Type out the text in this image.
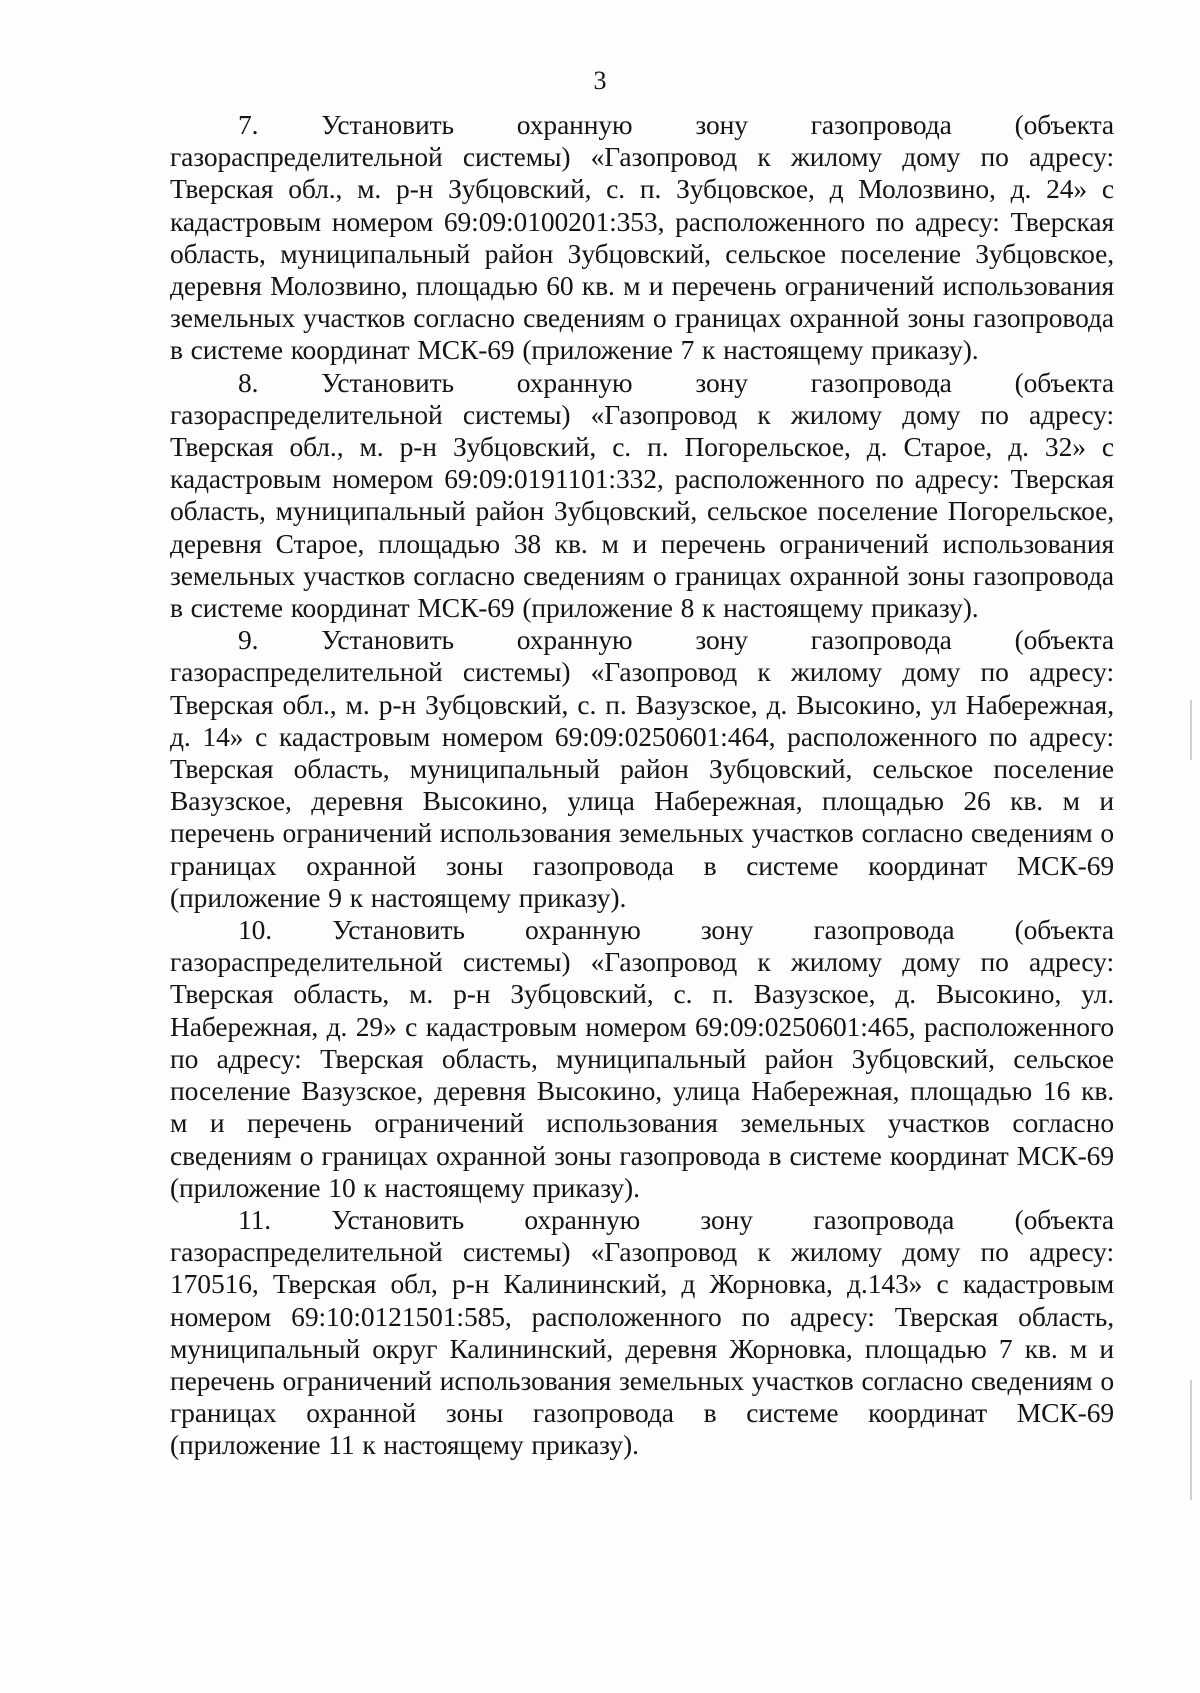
3

7. Установить охранную зону газопровода (объекта газораспределительной системы) «Газопровод к жилому дому по адресу: Тверская обл., м. р-н Зубцовский, с. п. Зубцовское, д Молозвино, д. 24» с кадастровым номером 69:09:0100201:353, расположенного по адресу: Тверская область, муниципальный район Зубцовский, сельское поселение Зубцовское, деревня Молозвино, площадью 60 кв. м и перечень ограничений использования земельных участков согласно сведениям о границах охранной зоны газопровода в системе координат МСК-69 (приложение 7 к настоящему приказу).

8. Установить охранную зону газопровода (объекта газораспределительной системы) «Газопровод к жилому дому по адресу: Тверская обл., м. р-н Зубцовский, с. п. Погорельское, д. Старое, д. 32» с кадастровым номером 69:09:0191101:332, расположенного по адресу: Тверская область, муниципальный район Зубцовский, сельское поселение Погорельское, деревня Старое, площадью 38 кв. м и перечень ограничений использования земельных участков согласно сведениям о границах охранной зоны газопровода в системе координат МСК-69 (приложение 8 к настоящему приказу).

9. Установить охранную зону газопровода (объекта газораспределительной системы) «Газопровод к жилому дому по адресу: Тверская обл., м. р-н Зубцовский, с. п. Вазузское, д. Высокино, ул Набережная, д. 14» с кадастровым номером 69:09:0250601:464, расположенного по адресу: Тверская область, муниципальный район Зубцовский, сельское поселение Вазузское, деревня Высокино, улица Набережная, площадью 26 кв. м и перечень ограничений использования земельных участков согласно сведениям о границах охранной зоны газопровода в системе координат МСК-69 (приложение 9 к настоящему приказу).

10. Установить охранную зону газопровода (объекта газораспределительной системы) «Газопровод к жилому дому по адресу: Тверская область, м. р-н Зубцовский, с. п. Вазузское, д. Высокино, ул. Набережная, д. 29» с кадастровым номером 69:09:0250601:465, расположенного по адресу: Тверская область, муниципальный район Зубцовский, сельское поселение Вазузское, деревня Высокино, улица Набережная, площадью 16 кв. м и перечень ограничений использования земельных участков согласно сведениям о границах охранной зоны газопровода в системе координат МСК-69 (приложение 10 к настоящему приказу).

11. Установить охранную зону газопровода (объекта газораспределительной системы) «Газопровод к жилому дому по адресу: 170516, Тверская обл, р-н Калининский, д Жорновка, д.143» с кадастровым номером 69:10:0121501:585, расположенного по адресу: Тверская область, муниципальный округ Калининский, деревня Жорновка, площадью 7 кв. м и перечень ограничений использования земельных участков согласно сведениям о границах охранной зоны газопровода в системе координат МСК-69 (приложение 11 к настоящему приказу).
